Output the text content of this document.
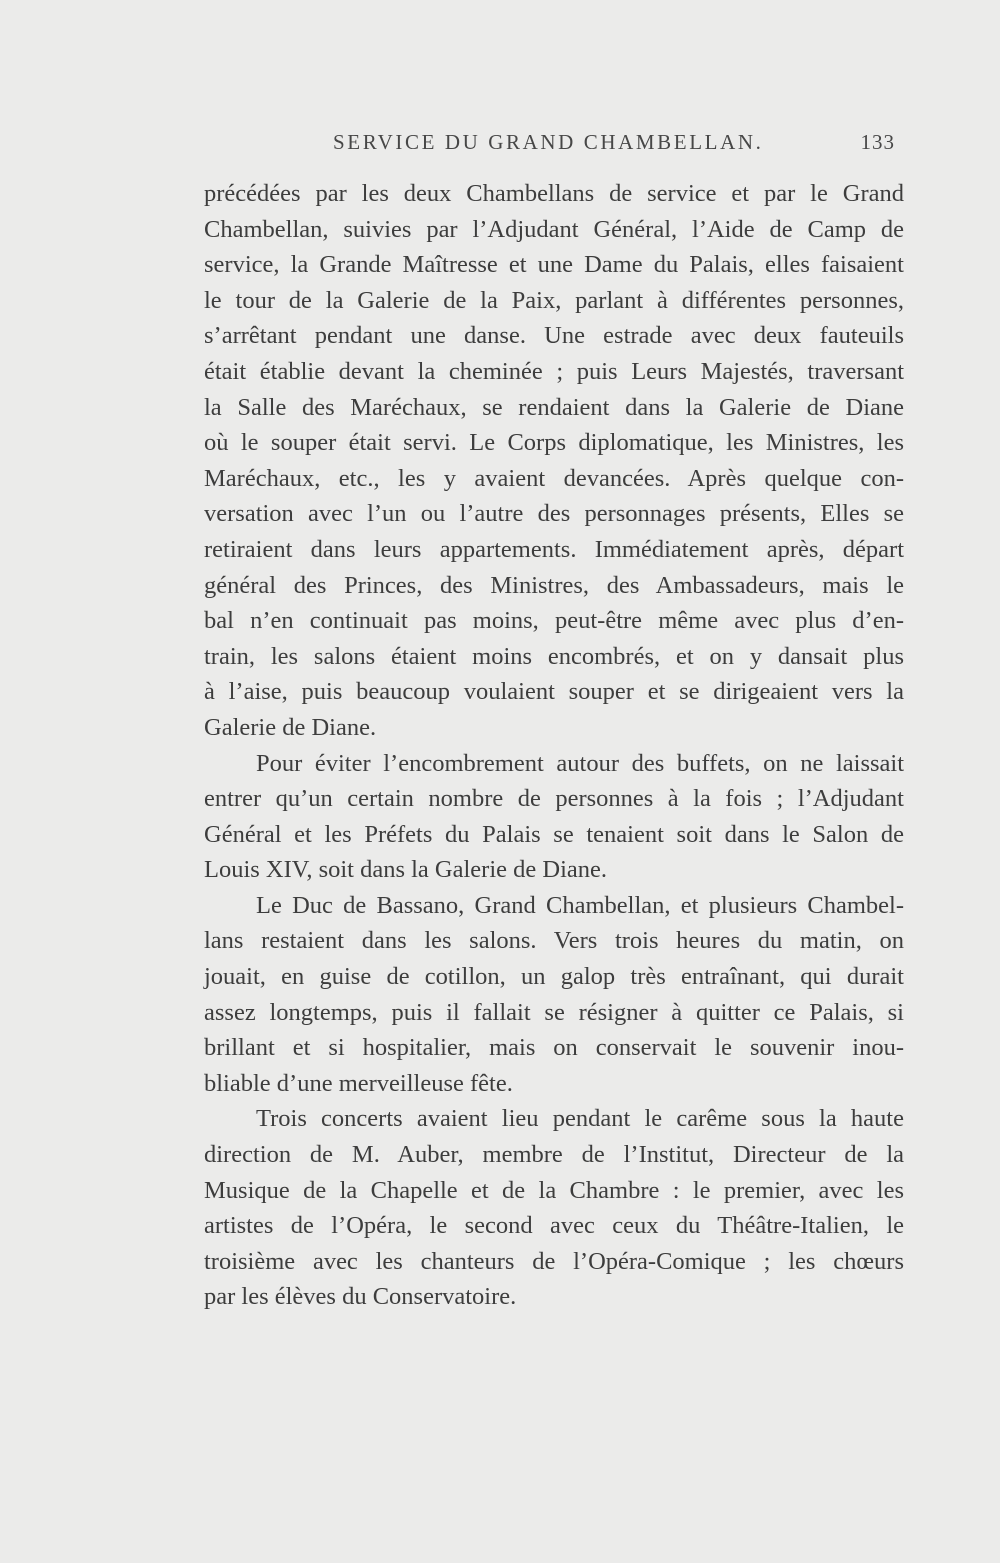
SERVICE DU GRAND CHAMBELLAN.	133
précédées par les deux Chambellans de service et par le Grand
Chambellan, suivies par l’Adjudant Général, l’Aide de Camp de
service, la Grande Maîtresse et une Dame du Palais, elles faisaient
le tour de la Galerie de la Paix, parlant à différentes personnes,
s’arrêtant pendant une danse. Une estrade avec deux fauteuils
était établie devant la cheminée ; puis Leurs Majestés, traversant
la Salle des Maréchaux, se rendaient dans la Galerie de Diane
où le souper était servi. Le Corps diplomatique, les Ministres, les
Maréchaux, etc., les y avaient devancées. Après quelque con-
versation avec l’un ou l’autre des personnages présents, Elles se
retiraient dans leurs appartements. Immédiatement après, départ
général des Princes, des Ministres, des Ambassadeurs, mais le
bal n’en continuait pas moins, peut-être même avec plus d’en-
train, les salons étaient moins encombrés, et on y dansait plus
à l’aise, puis beaucoup voulaient souper et se dirigeaient vers la
Galerie de Diane.
Pour éviter l’encombrement autour des buffets, on ne laissait
entrer qu’un certain nombre de personnes à la fois ; l’Adjudant
Général et les Préfets du Palais se tenaient soit dans le Salon de
Louis XIV, soit dans la Galerie de Diane.
Le Duc de Bassano, Grand Chambellan, et plusieurs Chambel-
lans restaient dans les salons. Vers trois heures du matin, on
jouait, en guise de cotillon, un galop très entraînant, qui durait
assez longtemps, puis il fallait se résigner à quitter ce Palais, si
brillant et si hospitalier, mais on conservait le souvenir inou-
bliable d’une merveilleuse fête.
Trois concerts avaient lieu pendant le carême sous la haute
direction de M. Auber, membre de l’Institut, Directeur de la
Musique de la Chapelle et de la Chambre : le premier, avec les
artistes de l’Opéra, le second avec ceux du Théâtre-Italien, le
troisième avec les chanteurs de l’Opéra-Comique ; les chœurs
par les élèves du Conservatoire.
